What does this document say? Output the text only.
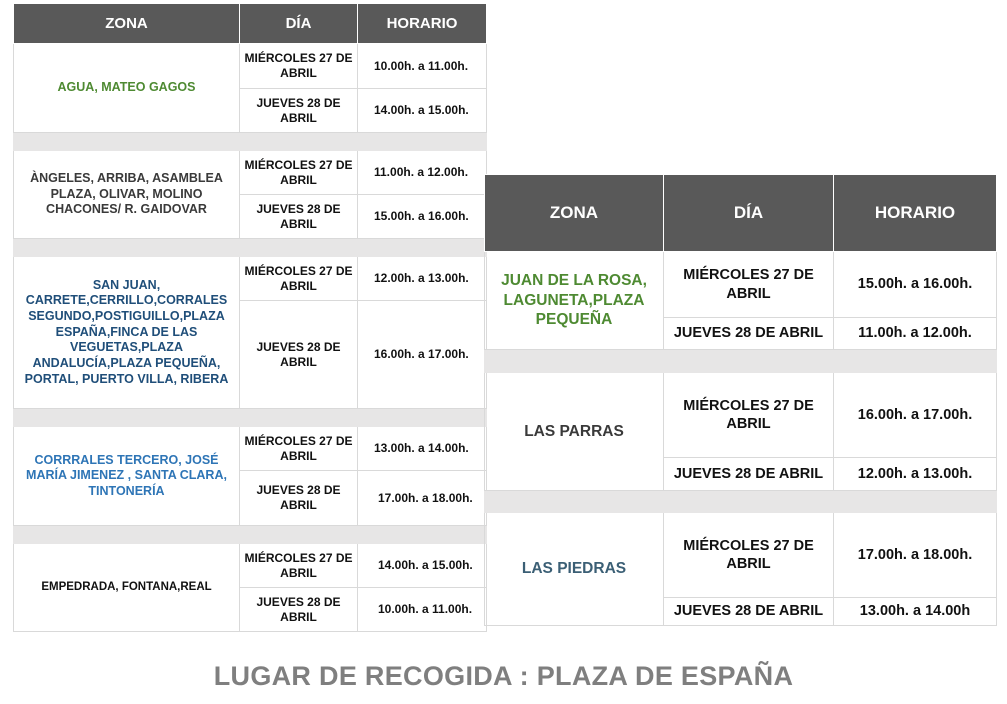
ZONA	DÍA	HORARIO
AGUA, MATEO GAGOS	MIÉRCOLES 27 DE ABRIL	10.00h. a 11.00h.
	JUEVES 28 DE ABRIL	14.00h. a 15.00h.

ÀNGELES, ARRIBA, ASAMBLEA PLAZA, OLIVAR, MOLINO CHACONES/ R. GAIDOVAR	MIÉRCOLES 27 DE ABRIL	11.00h. a 12.00h.
	JUEVES 28 DE ABRIL	15.00h. a 16.00h.

SAN JUAN, CARRETE,CERRILLO,CORRALES SEGUNDO,POSTIGUILLO,PLAZA ESPAÑA,FINCA DE LAS VEGUETAS,PLAZA ANDALUCÍA,PLAZA PEQUEÑA, PORTAL, PUERTO VILLA, RIBERA	MIÉRCOLES 27 DE ABRIL	12.00h. a 13.00h.
	JUEVES 28 DE ABRIL	16.00h. a 17.00h.

CORRRALES TERCERO, JOSÉ MARÍA JIMENEZ , SANTA CLARA, TINTONERÍA	MIÉRCOLES 27 DE ABRIL	13.00h. a 14.00h.
	JUEVES 28 DE ABRIL	17.00h. a 18.00h.

EMPEDRADA, FONTANA,REAL	MIÉRCOLES 27 DE ABRIL	14.00h. a 15.00h.
	JUEVES 28 DE ABRIL	10.00h. a 11.00h.
ZONA	DÍA	HORARIO
JUAN DE LA ROSA, LAGUNETA,PLAZA PEQUEÑA	MIÉRCOLES 27 DE ABRIL	15.00h. a 16.00h.
	JUEVES 28 DE ABRIL	11.00h. a 12.00h.

LAS PARRAS	MIÉRCOLES 27 DE ABRIL	16.00h. a 17.00h.
	JUEVES 28 DE ABRIL	12.00h. a 13.00h.

LAS PIEDRAS	MIÉRCOLES 27 DE ABRIL	17.00h. a 18.00h.
	JUEVES 28 DE ABRIL	13.00h. a 14.00h
LUGAR DE RECOGIDA : PLAZA DE ESPAÑA
